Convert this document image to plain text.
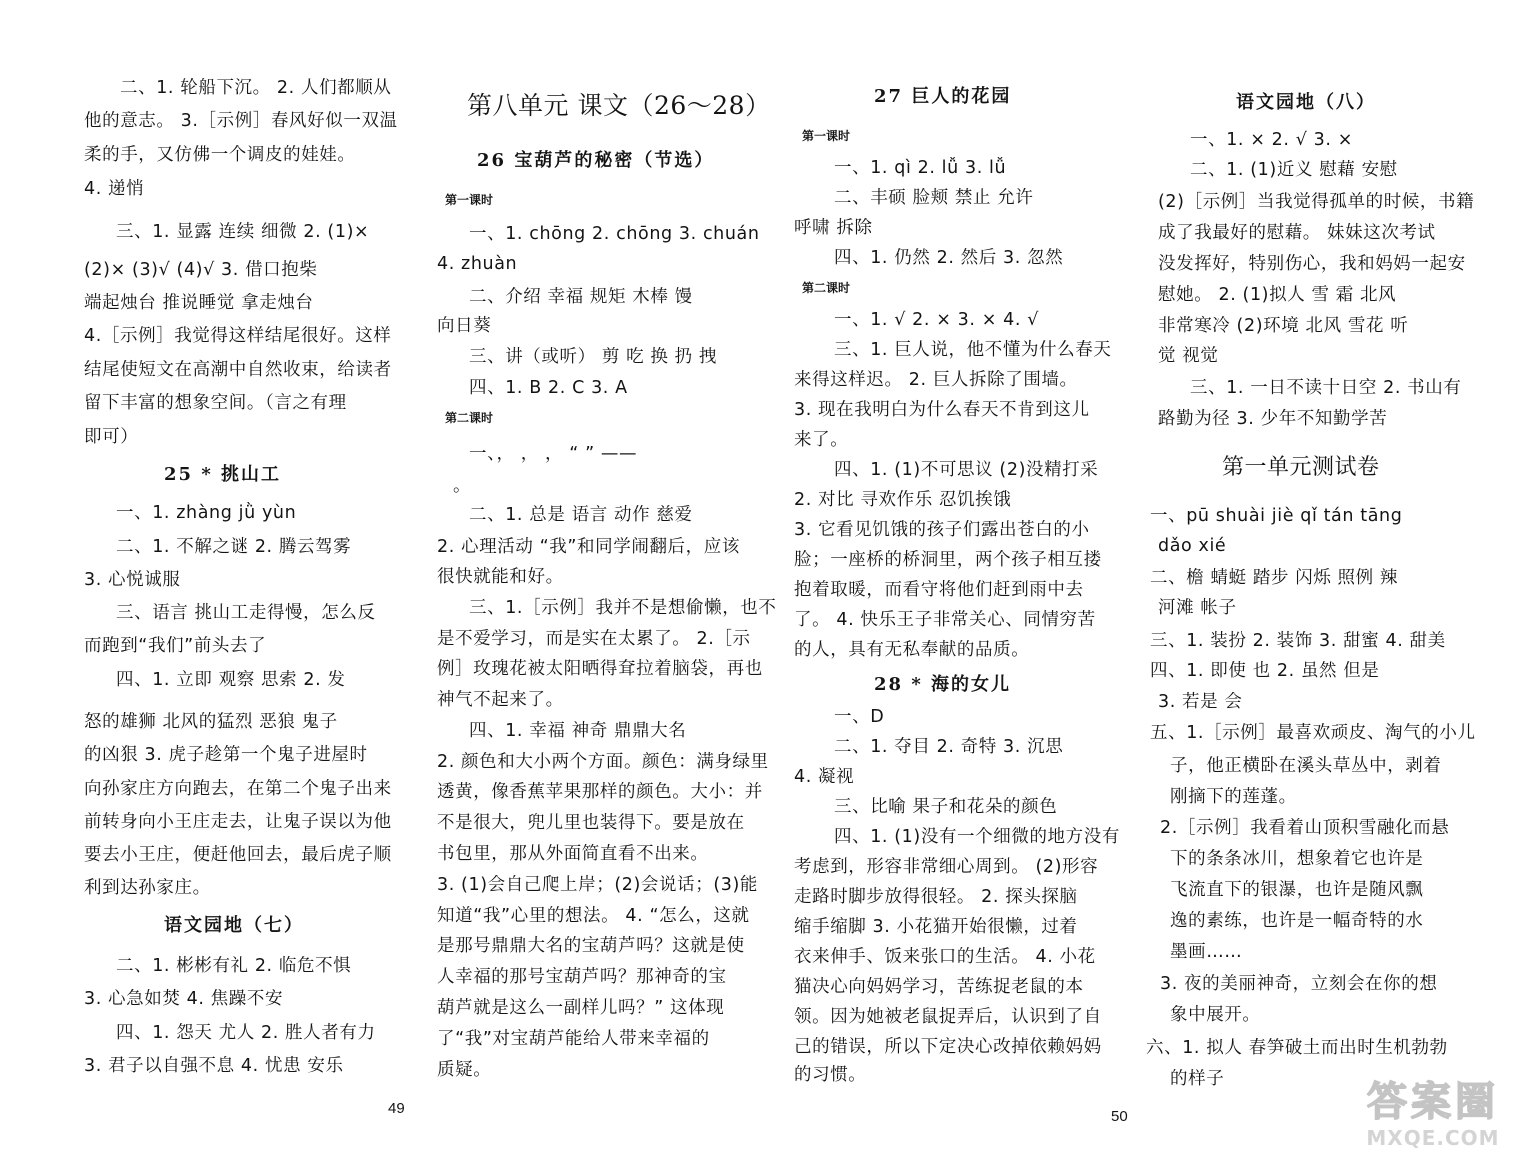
二、1. 轮船下沉。 2. 人们都顺从
他的意志。 3.［示例］春风好似一双温
柔的手，又仿佛一个调皮的娃娃。
4. 递悄
三、1. 显露 连续 细微 2. (1)×
(2)× (3)√ (4)√ 3. 借口抱柴
端起烛台 推说睡觉 拿走烛台
4.［示例］我觉得这样结尾很好。这样
结尾使短文在高潮中自然收束，给读者
留下丰富的想象空间。（言之有理
即可）
25 * 挑山工
一、1. zhàng jǜ yùn
二、1. 不解之谜 2. 腾云驾雾
3. 心悦诚服
三、语言 挑山工走得慢，怎么反
而跑到“我们”前头去了
四、1. 立即 观察 思索 2. 发
怒的雄狮 北风的猛烈 恶狼 鬼子
的凶狠 3. 虎子趁第一个鬼子进屋时
向孙家庄方向跑去，在第二个鬼子出来
前转身向小王庄走去，让鬼子误以为他
要去小王庄，便赶他回去，最后虎子顺
利到达孙家庄。
语文园地（七）
二、1. 彬彬有礼 2. 临危不惧
3. 心急如焚 4. 焦躁不安
四、1. 怨天 尤人 2. 胜人者有力
3. 君子以自强不息 4. 忧患 安乐
第八单元 课文（26～28）
26 宝葫芦的秘密（节选）
第一课时
一、1. chōng 2. chōng 3. chuán
4. zhuàn
二、介绍 幸福 规矩 木棒 馒
向日葵
三、讲（或听） 剪 吃 换 扔 拽
四、1. B 2. C 3. A
第二课时
一、， ， ， “ ” ——
。
二、1. 总是 语言 动作 慈爱
2. 心理活动 “我”和同学闹翻后，应该
很快就能和好。
三、1.［示例］我并不是想偷懒，也不
是不爱学习，而是实在太累了。 2.［示
例］玫瑰花被太阳晒得耷拉着脑袋，再也
神气不起来了。
四、1. 幸福 神奇 鼎鼎大名
2. 颜色和大小两个方面。颜色：满身绿里
透黄，像香蕉苹果那样的颜色。大小：并
不是很大，兜儿里也装得下。要是放在
书包里，那从外面简直看不出来。
3. (1)会自己爬上岸；(2)会说话；(3)能
知道“我”心里的想法。 4. “怎么，这就
是那号鼎鼎大名的宝葫芦吗？这就是使
人幸福的那号宝葫芦吗？那神奇的宝
葫芦就是这么一副样儿吗？” 这体现
了“我”对宝葫芦能给人带来幸福的
质疑。
27 巨人的花园
第一课时
一、1. qì 2. lǚ 3. lǚ
二、丰硕 脸颊 禁止 允许
呼啸 拆除
四、1. 仍然 2. 然后 3. 忽然
第二课时
一、1. √ 2. × 3. × 4. √
三、1. 巨人说，他不懂为什么春天
来得这样迟。 2. 巨人拆除了围墙。
3. 现在我明白为什么春天不肯到这儿
来了。
四、1. (1)不可思议 (2)没精打采
2. 对比 寻欢作乐 忍饥挨饿
3. 它看见饥饿的孩子们露出苍白的小
脸；一座桥的桥洞里，两个孩子相互搂
抱着取暖，而看守将他们赶到雨中去
了。 4. 快乐王子非常关心、同情穷苦
的人，具有无私奉献的品质。
28 * 海的女儿
一、D
二、1. 夺目 2. 奇特 3. 沉思
4. 凝视
三、比喻 果子和花朵的颜色
四、1. (1)没有一个细微的地方没有
考虑到，形容非常细心周到。 (2)形容
走路时脚步放得很轻。 2. 探头探脑
缩手缩脚 3. 小花猫开始很懒，过着
衣来伸手、饭来张口的生活。 4. 小花
猫决心向妈妈学习，苦练捉老鼠的本
领。因为她被老鼠捉弄后，认识到了自
己的错误，所以下定决心改掉依赖妈妈
的习惯。
语文园地（八）
一、1. × 2. √ 3. ×
二、1. (1)近义 慰藉 安慰
(2)［示例］当我觉得孤单的时候，书籍
成了我最好的慰藉。 妹妹这次考试
没发挥好，特别伤心，我和妈妈一起安
慰她。 2. (1)拟人 雪 霜 北风
非常寒冷 (2)环境 北风 雪花 听
觉 视觉
三、1. 一日不读十日空 2. 书山有
路勤为径 3. 少年不知勤学苦
第一单元测试卷
一、pū shuài jiè qǐ tán tāng
dǎo xié
二、檐 蜻蜓 踏步 闪烁 照例 辣
河滩 帐子
三、1. 装扮 2. 装饰 3. 甜蜜 4. 甜美
四、1. 即使 也 2. 虽然 但是
3. 若是 会
五、1.［示例］最喜欢顽皮、淘气的小儿
子，他正横卧在溪头草丛中，剥着
刚摘下的莲蓬。
2.［示例］我看着山顶积雪融化而悬
下的条条冰川，想象着它也许是
飞流直下的银瀑，也许是随风飘
逸的素练，也许是一幅奇特的水
墨画……
3. 夜的美丽神奇，立刻会在你的想
象中展开。
六、1. 拟人 春笋破土而出时生机勃勃
的样子
49	50	答案圈
MXQE.COM
